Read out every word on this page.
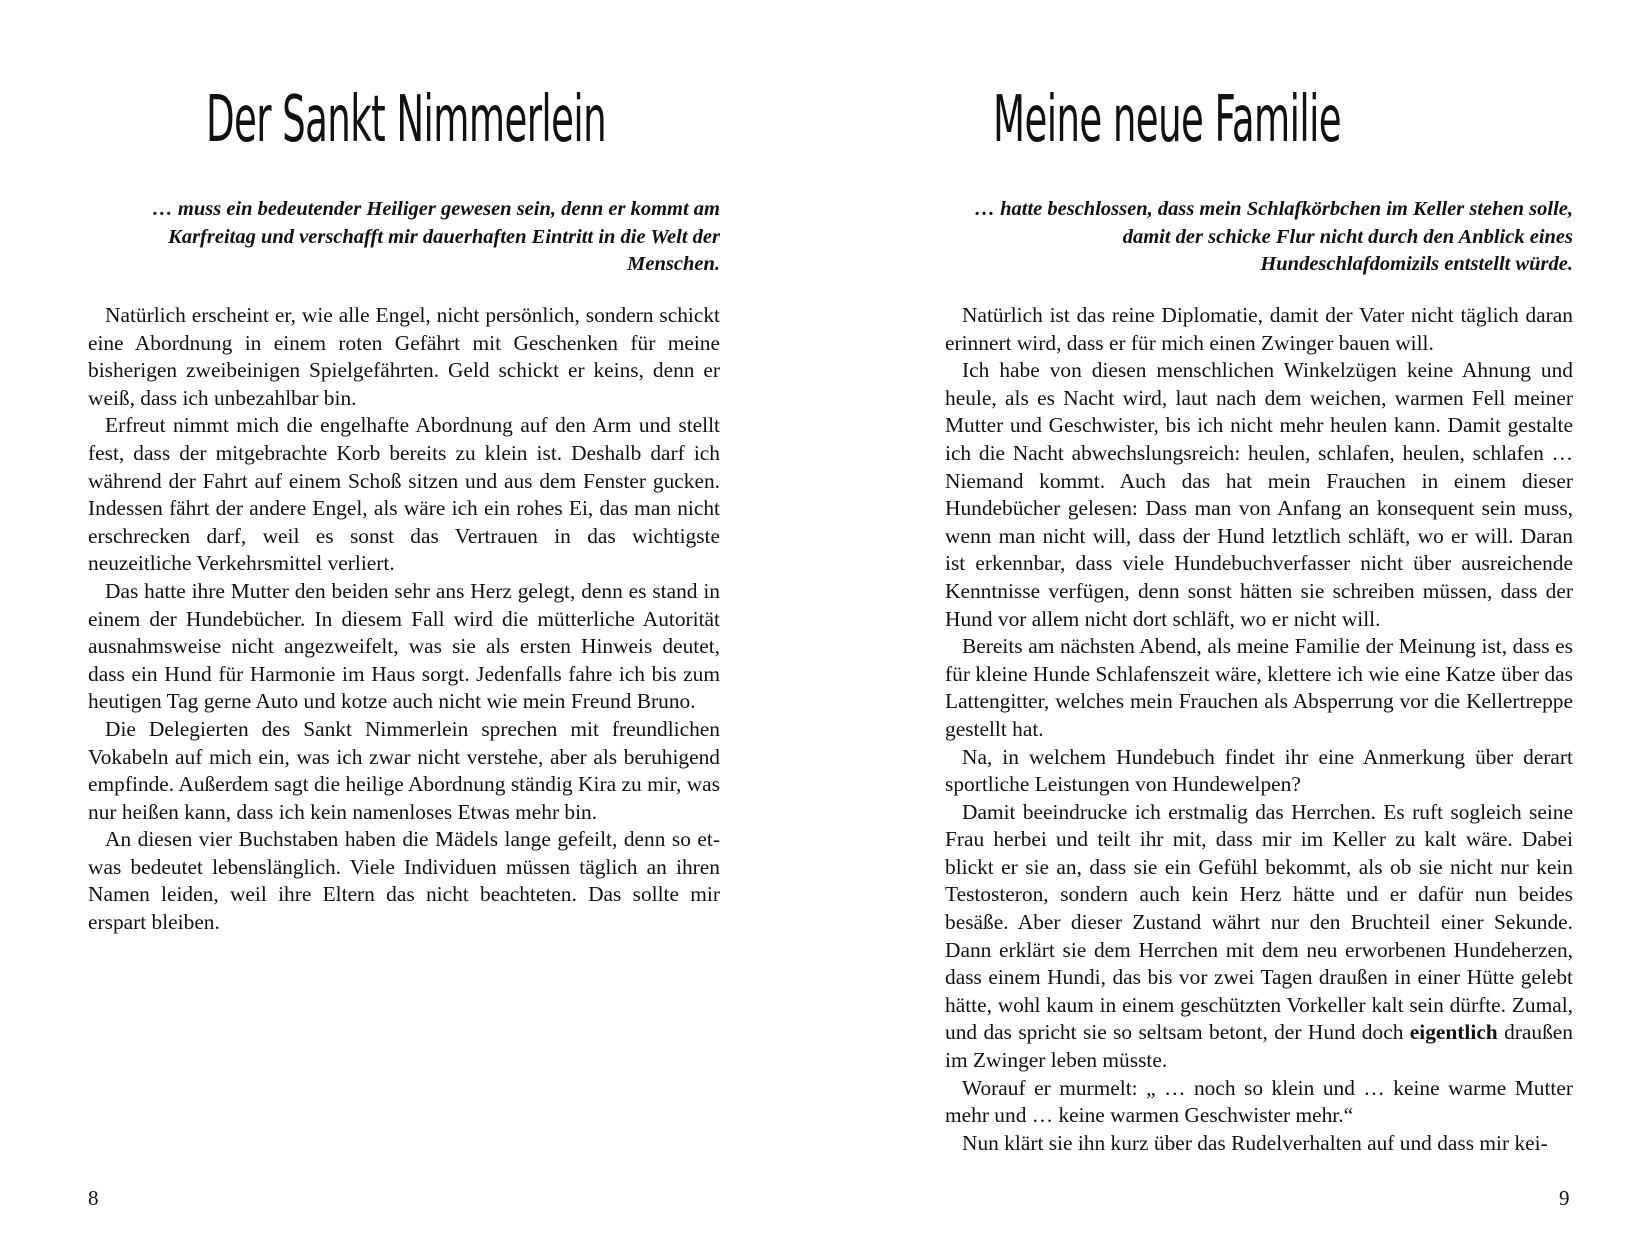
Der Sankt Nimmerlein

… muss ein bedeutender Heiliger gewesen sein, denn er kommt am Karfreitag und verschafft mir dauerhaften Eintritt in die Welt der Menschen.

Natürlich erscheint er, wie alle Engel, nicht persönlich, sondern schickt eine Abordnung in einem roten Gefährt mit Geschenken für meine bisherigen zweibeinigen Spielgefährten. Geld schickt er keins, denn er weiß, dass ich unbezahlbar bin.

Erfreut nimmt mich die engelhafte Abordnung auf den Arm und stellt fest, dass der mitgebrachte Korb bereits zu klein ist. Deshalb darf ich während der Fahrt auf einem Schoß sitzen und aus dem Fenster gucken. Indessen fährt der andere Engel, als wäre ich ein rohes Ei, das man nicht erschrecken darf, weil es sonst das Vertrauen in das wichtigste neuzeitliche Verkehrsmittel verliert.

Das hatte ihre Mutter den beiden sehr ans Herz gelegt, denn es stand in einem der Hundebücher. In diesem Fall wird die mütterliche Autorität ausnahmsweise nicht angezweifelt, was sie als ersten Hinweis deutet, dass ein Hund für Harmonie im Haus sorgt. Jedenfalls fahre ich bis zum heutigen Tag gerne Auto und kotze auch nicht wie mein Freund Bruno.

Die Delegierten des Sankt Nimmerlein sprechen mit freundlichen Vokabeln auf mich ein, was ich zwar nicht verstehe, aber als beruhigend empfinde. Außerdem sagt die heilige Abordnung ständig Kira zu mir, was nur heißen kann, dass ich kein namenloses Etwas mehr bin.

An diesen vier Buchstaben haben die Mädels lange gefeilt, denn so etwas bedeutet lebenslänglich. Viele Individuen müssen täglich an ihren Namen leiden, weil ihre Eltern das nicht beachteten. Das sollte mir erspart bleiben.

8
Meine neue Familie

… hatte beschlossen, dass mein Schlafkörbchen im Keller stehen solle, damit der schicke Flur nicht durch den Anblick eines Hundeschlafdomizils entstellt würde.

Natürlich ist das reine Diplomatie, damit der Vater nicht täglich daran erinnert wird, dass er für mich einen Zwinger bauen will.

Ich habe von diesen menschlichen Winkelzügen keine Ahnung und heule, als es Nacht wird, laut nach dem weichen, warmen Fell meiner Mutter und Geschwister, bis ich nicht mehr heulen kann. Damit gestalte ich die Nacht abwechslungsreich: heulen, schlafen, heulen, schlafen … Niemand kommt. Auch das hat mein Frauchen in einem dieser Hundebücher gelesen: Dass man von Anfang an konsequent sein muss, wenn man nicht will, dass der Hund letztlich schläft, wo er will. Daran ist erkennbar, dass viele Hundebuchverfasser nicht über ausreichende Kenntnisse verfügen, denn sonst hätten sie schreiben müssen, dass der Hund vor allem nicht dort schläft, wo er nicht will.

Bereits am nächsten Abend, als meine Familie der Meinung ist, dass es für kleine Hunde Schlafenszeit wäre, klettere ich wie eine Katze über das Lattengitter, welches mein Frauchen als Absperrung vor die Kellertreppe gestellt hat.

Na, in welchem Hundebuch findet ihr eine Anmerkung über derart sportliche Leistungen von Hundewelpen?

Damit beeindrucke ich erstmalig das Herrchen. Es ruft sogleich seine Frau herbei und teilt ihr mit, dass mir im Keller zu kalt wäre. Dabei blickt er sie an, dass sie ein Gefühl bekommt, als ob sie nicht nur kein Testosteron, sondern auch kein Herz hätte und er dafür nun beides besäße. Aber dieser Zustand währt nur den Bruchteil einer Sekunde. Dann erklärt sie dem Herrchen mit dem neu erworbenen Hundeherzen, dass einem Hundi, das bis vor zwei Tagen draußen in einer Hütte gelebt hätte, wohl kaum in einem geschützten Vorkeller kalt sein dürfte. Zumal, und das spricht sie so seltsam betont, der Hund doch eigentlich draußen im Zwinger leben müsste.

Worauf er murmelt: „ … noch so klein und … keine warme Mutter mehr und … keine warmen Geschwister mehr.“

Nun klärt sie ihn kurz über das Rudelverhalten auf und dass mir kei-

9
